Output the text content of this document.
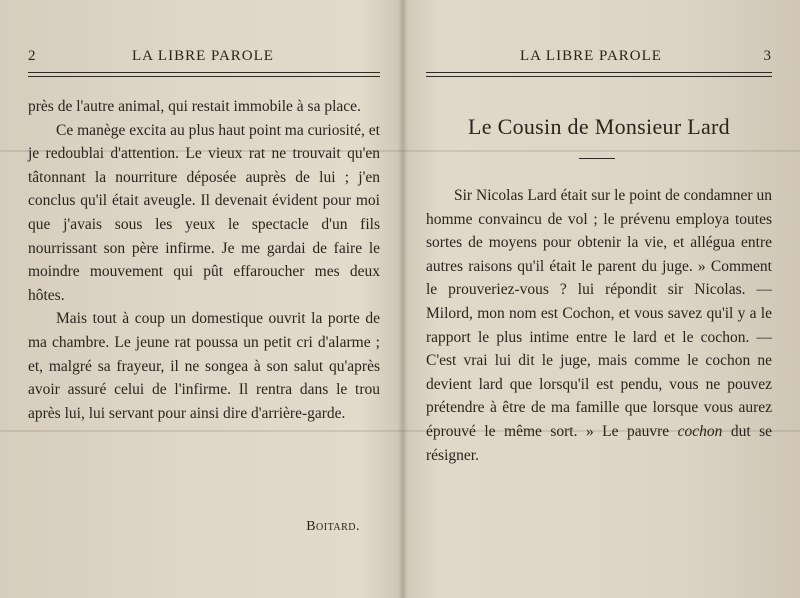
2	LA LIBRE PAROLE

près de l'autre animal, qui restait immobile à sa place.

Ce manège excita au plus haut point ma curiosité, et je redoublai d'attention. Le vieux rat ne trouvait qu'en tâtonnant la nourriture déposée auprès de lui ; j'en conclus qu'il était aveugle. Il devenait évident pour moi que j'avais sous les yeux le spectacle d'un fils nourrissant son père infirme. Je me gardai de faire le moindre mouvement qui pût effaroucher mes deux hôtes.

Mais tout à coup un domestique ouvrit la porte de ma chambre. Le jeune rat poussa un petit cri d'alarme ; et, malgré sa frayeur, il ne songea à son salut qu'après avoir assuré celui de l'infirme. Il rentra dans le trou après lui, lui servant pour ainsi dire d'arrière-garde.

Boitard.
LA LIBRE PAROLE	3
Le Cousin de Monsieur Lard

Sir Nicolas Lard était sur le point de condamner un homme convaincu de vol ; le prévenu employa toutes sortes de moyens pour obtenir la vie, et allégua entre autres raisons qu'il était le parent du juge. » Comment le prouveriez-vous ? lui répondit sir Nicolas. — Milord, mon nom est Cochon, et vous savez qu'il y a le rapport le plus intime entre le lard et le cochon. — C'est vrai lui dit le juge, mais comme le cochon ne devient lard que lorsqu'il est pendu, vous ne pouvez prétendre à être de ma famille que lorsque vous aurez éprouvé le même sort. » Le pauvre cochon dut se résigner.
